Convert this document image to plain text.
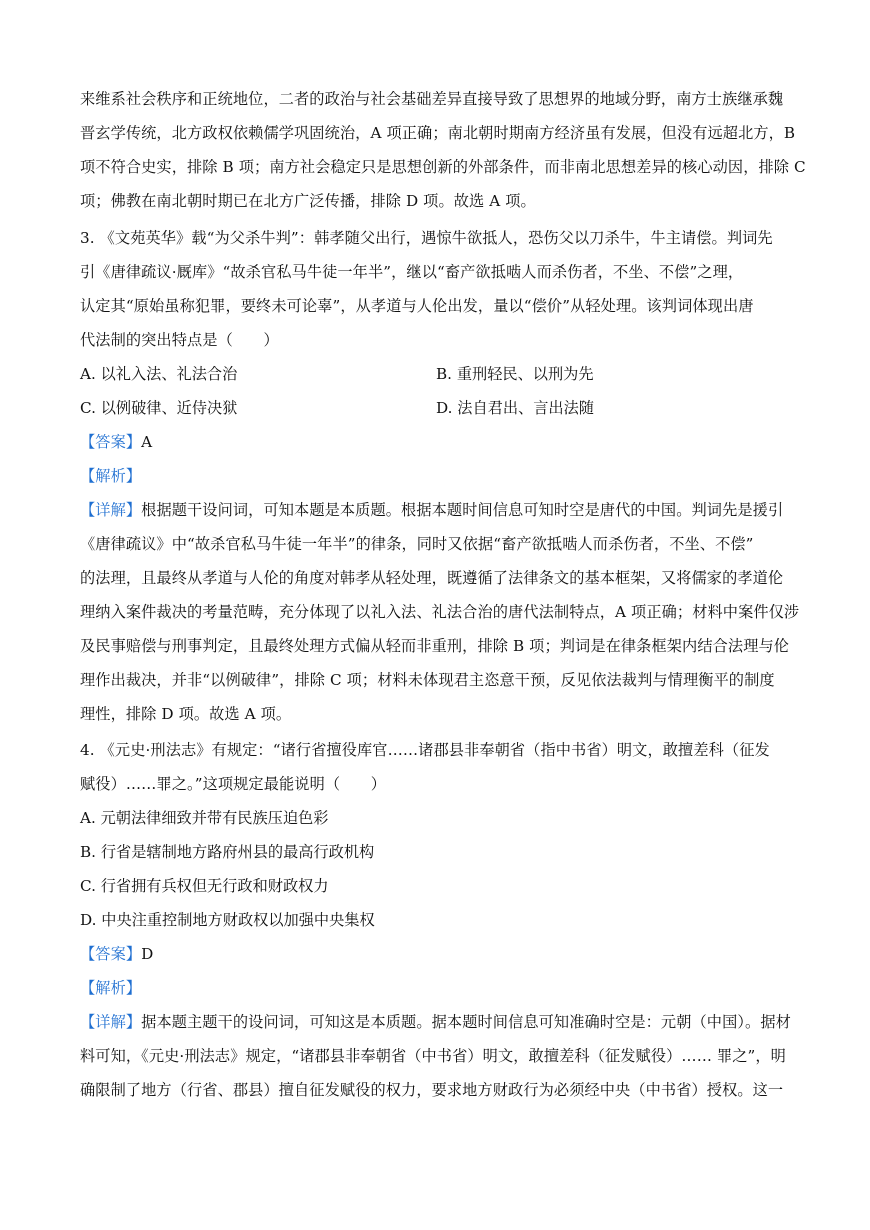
来维系社会秩序和正统地位，二者的政治与社会基础差异直接导致了思想界的地域分野，南方士族继承魏
晋玄学传统，北方政权依赖儒学巩固统治，A 项正确；南北朝时期南方经济虽有发展，但没有远超北方，B
项不符合史实，排除 B 项；南方社会稳定只是思想创新的外部条件，而非南北思想差异的核心动因，排除 C
项；佛教在南北朝时期已在北方广泛传播，排除 D 项。故选 A 项。
3. 《文苑英华》载“为父杀牛判”：韩孝随父出行，遇惊牛欲抵人，恐伤父以刀杀牛，牛主请偿。判词先
引《唐律疏议·厩库》“故杀官私马牛徒一年半”，继以“畜产欲抵啮人而杀伤者，不坐、不偿”之理，
认定其“原始虽称犯罪，要终未可论辜”，从孝道与人伦出发，量以“偿价”从轻处理。该判词体现出唐
代法制的突出特点是（　　）
A. 以礼入法、礼法合治	B. 重刑轻民、以刑为先
C. 以例破律、近侍决狱	D. 法自君出、言出法随
【答案】A
【解析】
【详解】根据题干设问词，可知本题是本质题。根据本题时间信息可知时空是唐代的中国。判词先是援引
《唐律疏议》中“故杀官私马牛徒一年半”的律条，同时又依据“畜产欲抵啮人而杀伤者，不坐、不偿”
的法理，且最终从孝道与人伦的角度对韩孝从轻处理，既遵循了法律条文的基本框架，又将儒家的孝道伦
理纳入案件裁决的考量范畴，充分体现了以礼入法、礼法合治的唐代法制特点，A 项正确；材料中案件仅涉
及民事赔偿与刑事判定，且最终处理方式偏从轻而非重刑，排除 B 项；判词是在律条框架内结合法理与伦
理作出裁决，并非“以例破律”，排除 C 项；材料未体现君主恣意干预，反见依法裁判与情理衡平的制度
理性，排除 D 项。故选 A 项。
4. 《元史·刑法志》有规定：“诸行省擅役库官……诸郡县非奉朝省（指中书省）明文，敢擅差科（征发
赋役）……罪之。”这项规定最能说明（　　）
A. 元朝法律细致并带有民族压迫色彩
B. 行省是辖制地方路府州县的最高行政机构
C. 行省拥有兵权但无行政和财政权力
D. 中央注重控制地方财政权以加强中央集权
【答案】D
【解析】
【详解】据本题主题干的设问词，可知这是本质题。据本题时间信息可知准确时空是：元朝（中国）。据材
料可知，《元史·刑法志》规定，“诸郡县非奉朝省（中书省）明文，敢擅差科（征发赋役）…… 罪之”，明
确限制了地方（行省、郡县）擅自征发赋役的权力，要求地方财政行为必须经中央（中书省）授权。这一
